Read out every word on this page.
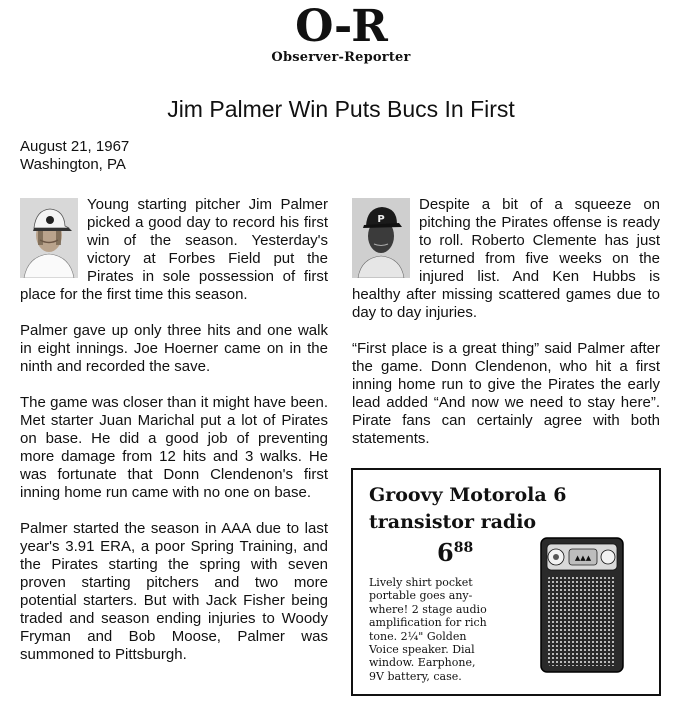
O-R
Observer-Reporter
Jim Palmer Win Puts Bucs In First
August 21, 1967
Washington, PA

Young starting pitcher Jim Palmer picked a good day to record his first win of the season. Yesterday's victory at Forbes Field put the Pirates in sole possession of first place for the first time this season.

Palmer gave up only three hits and one walk in eight innings. Joe Hoerner came on in the ninth and recorded the save.

The game was closer than it might have been. Met starter Juan Marichal put a lot of Pirates on base. He did a good job of preventing more damage from 12 hits and 3 walks. He was fortunate that Donn Clendenon's first inning home run came with no one on base.

Palmer started the season in AAA due to last year's 3.91 ERA, a poor Spring Training, and the Pirates starting the spring with seven proven starting pitchers and two more potential starters. But with Jack Fisher being traded and season ending injuries to Woody Fryman and Bob Moose, Palmer was summoned to Pittsburgh.

P
Despite a bit of a squeeze on pitching the Pirates offense is ready to roll. Roberto Clemente has just returned from five weeks on the injured list. And Ken Hubbs is healthy after missing scattered games due to day to day injuries.

“First place is a great thing” said Palmer after the game. Donn Clendenon, who hit a first inning home run to give the Pirates the early lead added “And now we need to stay here”. Pirate fans can certainly agree with both statements.

Groovy Motorola 6 transistor radio
$6^{88}$
Lively shirt pocket portable goes any-where! 2 stage audio amplification for rich tone. 2¼" Golden Voice speaker. Dial window. Earphone, 9V battery, case.
▲▲▲
